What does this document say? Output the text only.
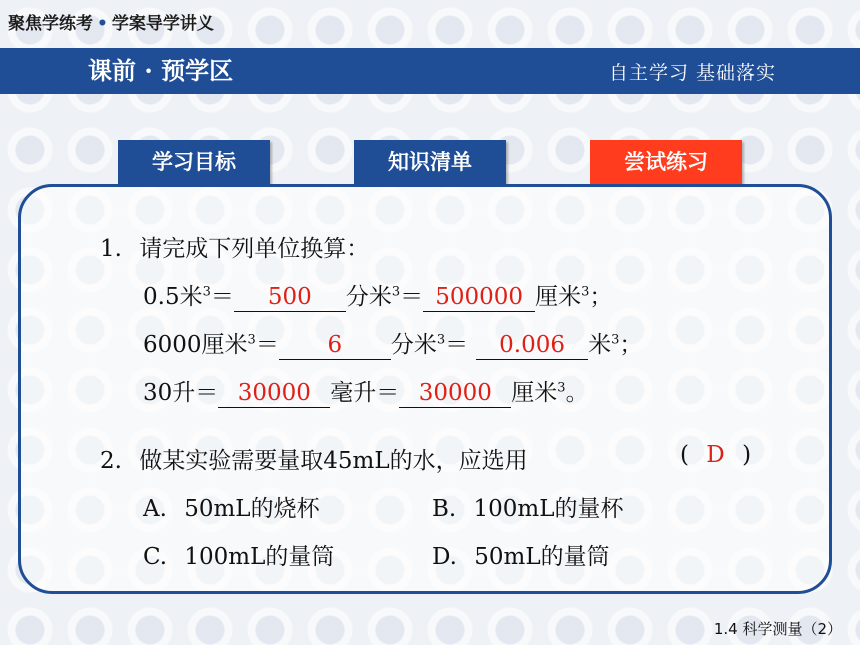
聚焦学练考 • 学案导学讲义
课前 · 预学区	自主学习 基础落实
学习目标	知识清单	尝试练习
1. 请完成下列单位换算：
0.5米$^3$＝ 500 分米$^3$＝ 500000 厘米$^3$；
6000厘米$^3$＝ 6 分米$^3$＝ 0.006 米$^3$；
30升＝ 30000 毫升＝ 30000 厘米$^3$。
2. 做某实验需要量取45mL的水，应选用	( D )
A. 50mL的烧杯	B. 100mL的量杯
C. 100mL的量筒	D. 50mL的量筒
1.4 科学测量（2）
